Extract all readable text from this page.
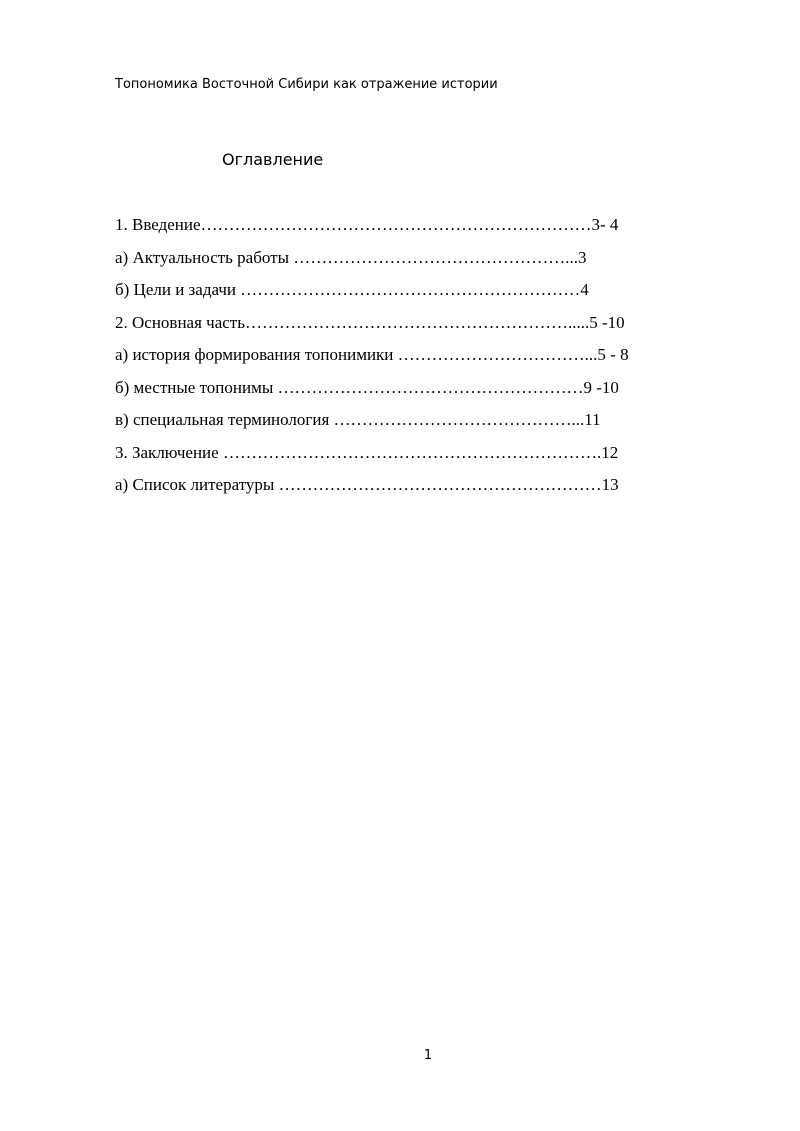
Топономика Восточной Сибири как отражение истории
Оглавление
1. Введение……………………………………………………………3- 4
а) Актуальность работы …………………………………………...3
б) Цели и задачи ……………………………………………………4
2. Основная часть………………………………………………….....5 -10
а) история формирования топонимики ……………………………...5 - 8
б) местные топонимы ………………………………………………9 -10
в) специальная терминология ……………………………………...11
3. Заключение ………………………………………………………….12
а) Список литературы …………………………………………………13
1
